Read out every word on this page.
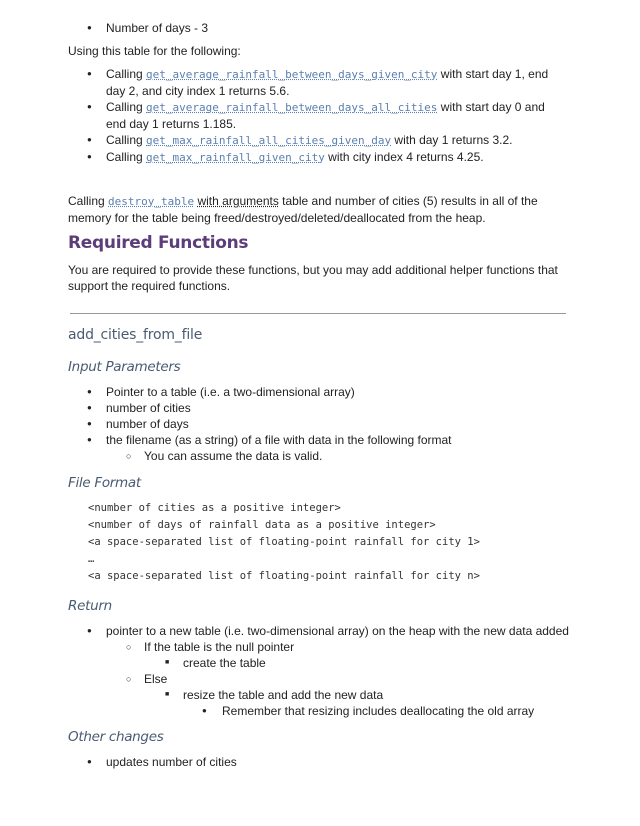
● Number of days - 3

Using this table for the following:

● Calling get_average_rainfall_between_days_given_city with start day 1, end day 2, and city index 1 returns 5.6.
● Calling get_average_rainfall_between_days_all_cities with start day 0 and end day 1 returns 1.185.
● Calling get_max_rainfall_all_cities_given_day with day 1 returns 3.2.
● Calling get_max_rainfall_given_city with city index 4 returns 4.25.

Calling destroy_table with arguments table and number of cities (5) results in all of the memory for the table being freed/destroyed/deleted/deallocated from the heap.

Required Functions

You are required to provide these functions, but you may add additional helper functions that support the required functions.

add_cities_from_file
Input Parameters
● Pointer to a table (i.e. a two-dimensional array)
● number of cities
● number of days
● the filename (as a string) of a file with data in the following format
○ You can assume the data is valid.
File Format
<number of cities as a positive integer>
<number of days of rainfall data as a positive integer>
<a space-separated list of floating-point rainfall for city 1>
…
<a space-separated list of floating-point rainfall for city n>
Return
● pointer to a new table (i.e. two-dimensional array) on the heap with the new data added
○ If the table is the null pointer
■ create the table
○ Else
■ resize the table and add the new data
● Remember that resizing includes deallocating the old array
Other changes
● updates number of cities
